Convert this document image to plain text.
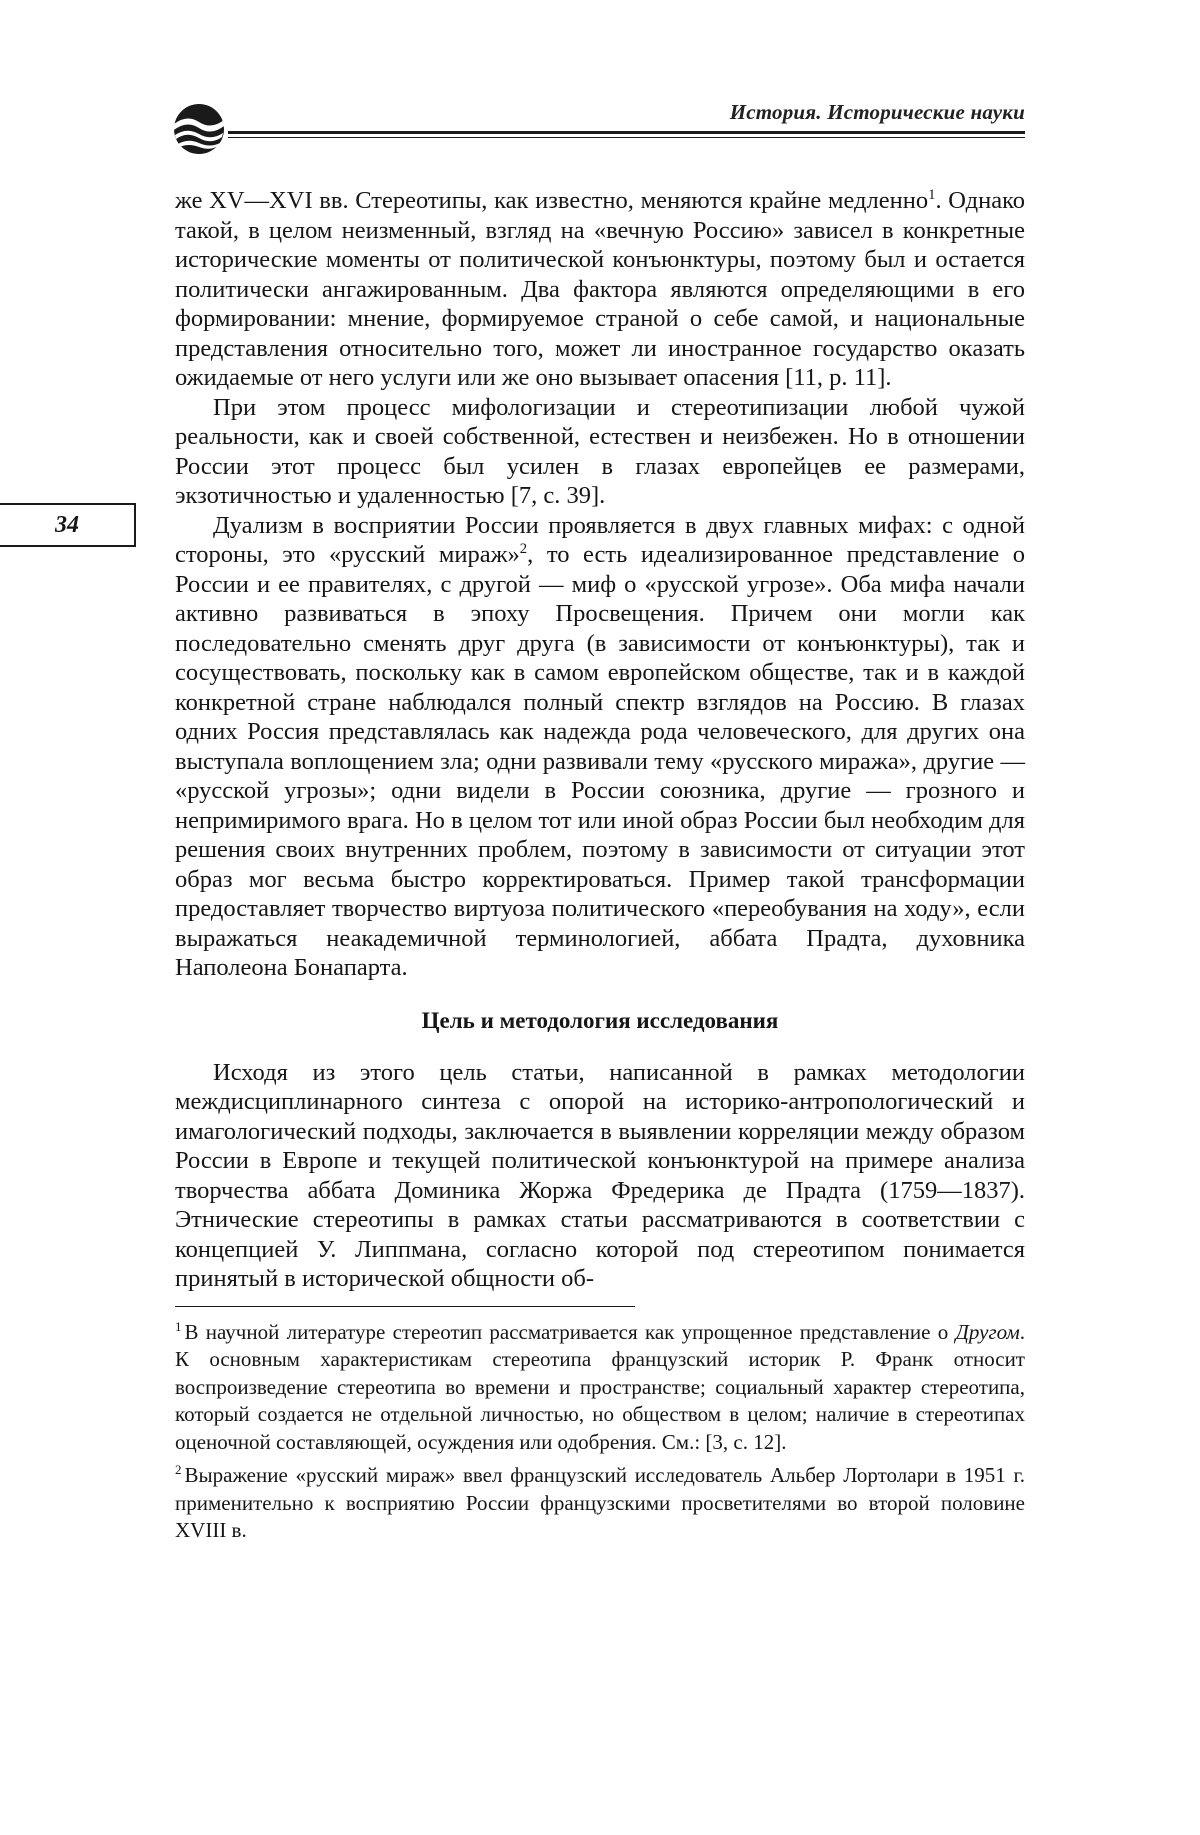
История. Исторические науки
34

же XV—XVI вв. Стереотипы, как известно, меняются крайне медленно$^1$. Однако такой, в целом неизменный, взгляд на «вечную Россию» зависел в конкретные исторические моменты от политической конъюнктуры, поэтому был и остается политически ангажированным. Два фактора являются определяющими в его формировании: мнение, формируемое страной о себе самой, и национальные представления относительно того, может ли иностранное государство оказать ожидаемые от него услуги или же оно вызывает опасения [11, p. 11].

При этом процесс мифологизации и стереотипизации любой чужой реальности, как и своей собственной, естествен и неизбежен. Но в отношении России этот процесс был усилен в глазах европейцев ее размерами, экзотичностью и удаленностью [7, c. 39].

Дуализм в восприятии России проявляется в двух главных мифах: с одной стороны, это «русский мираж»$^2$, то есть идеализированное представление о России и ее правителях, с другой — миф о «русской угрозе». Оба мифа начали активно развиваться в эпоху Просвещения. Причем они могли как последовательно сменять друг друга (в зависимости от конъюнктуры), так и сосуществовать, поскольку как в самом европейском обществе, так и в каждой конкретной стране наблюдался полный спектр взглядов на Россию. В глазах одних Россия представлялась как надежда рода человеческого, для других она выступала воплощением зла; одни развивали тему «русского миража», другие — «русской угрозы»; одни видели в России союзника, другие — грозного и непримиримого врага. Но в целом тот или иной образ России был необходим для решения своих внутренних проблем, поэтому в зависимости от ситуации этот образ мог весьма быстро корректироваться. Пример такой трансформации предоставляет творчество виртуоза политического «переобувания на ходу», если выражаться неакадемичной терминологией, аббата Прадта, духовника Наполеона Бонапарта.

Цель и методология исследования

Исходя из этого цель статьи, написанной в рамках методологии междисциплинарного синтеза с опорой на историко-антропологический и имагологический подходы, заключается в выявлении корреляции между образом России в Европе и текущей политической конъюнктурой на примере анализа творчества аббата Доминика Жоржа Фредерика де Прадта (1759—1837). Этнические стереотипы в рамках статьи рассматриваются в соответствии с концепцией У. Липпмана, согласно которой под стереотипом понимается принятый в исторической общности об-

$^1$ В научной литературе стереотип рассматривается как упрощенное представление о Другом. К основным характеристикам стереотипа французский историк Р. Франк относит воспроизведение стереотипа во времени и пространстве; социальный характер стереотипа, который создается не отдельной личностью, но обществом в целом; наличие в стереотипах оценочной составляющей, осуждения или одобрения. См.: [3, c. 12].

$^2$ Выражение «русский мираж» ввел французский исследователь Альбер Лортолари в 1951 г. применительно к восприятию России французскими просветителями во второй половине XVIII в.
